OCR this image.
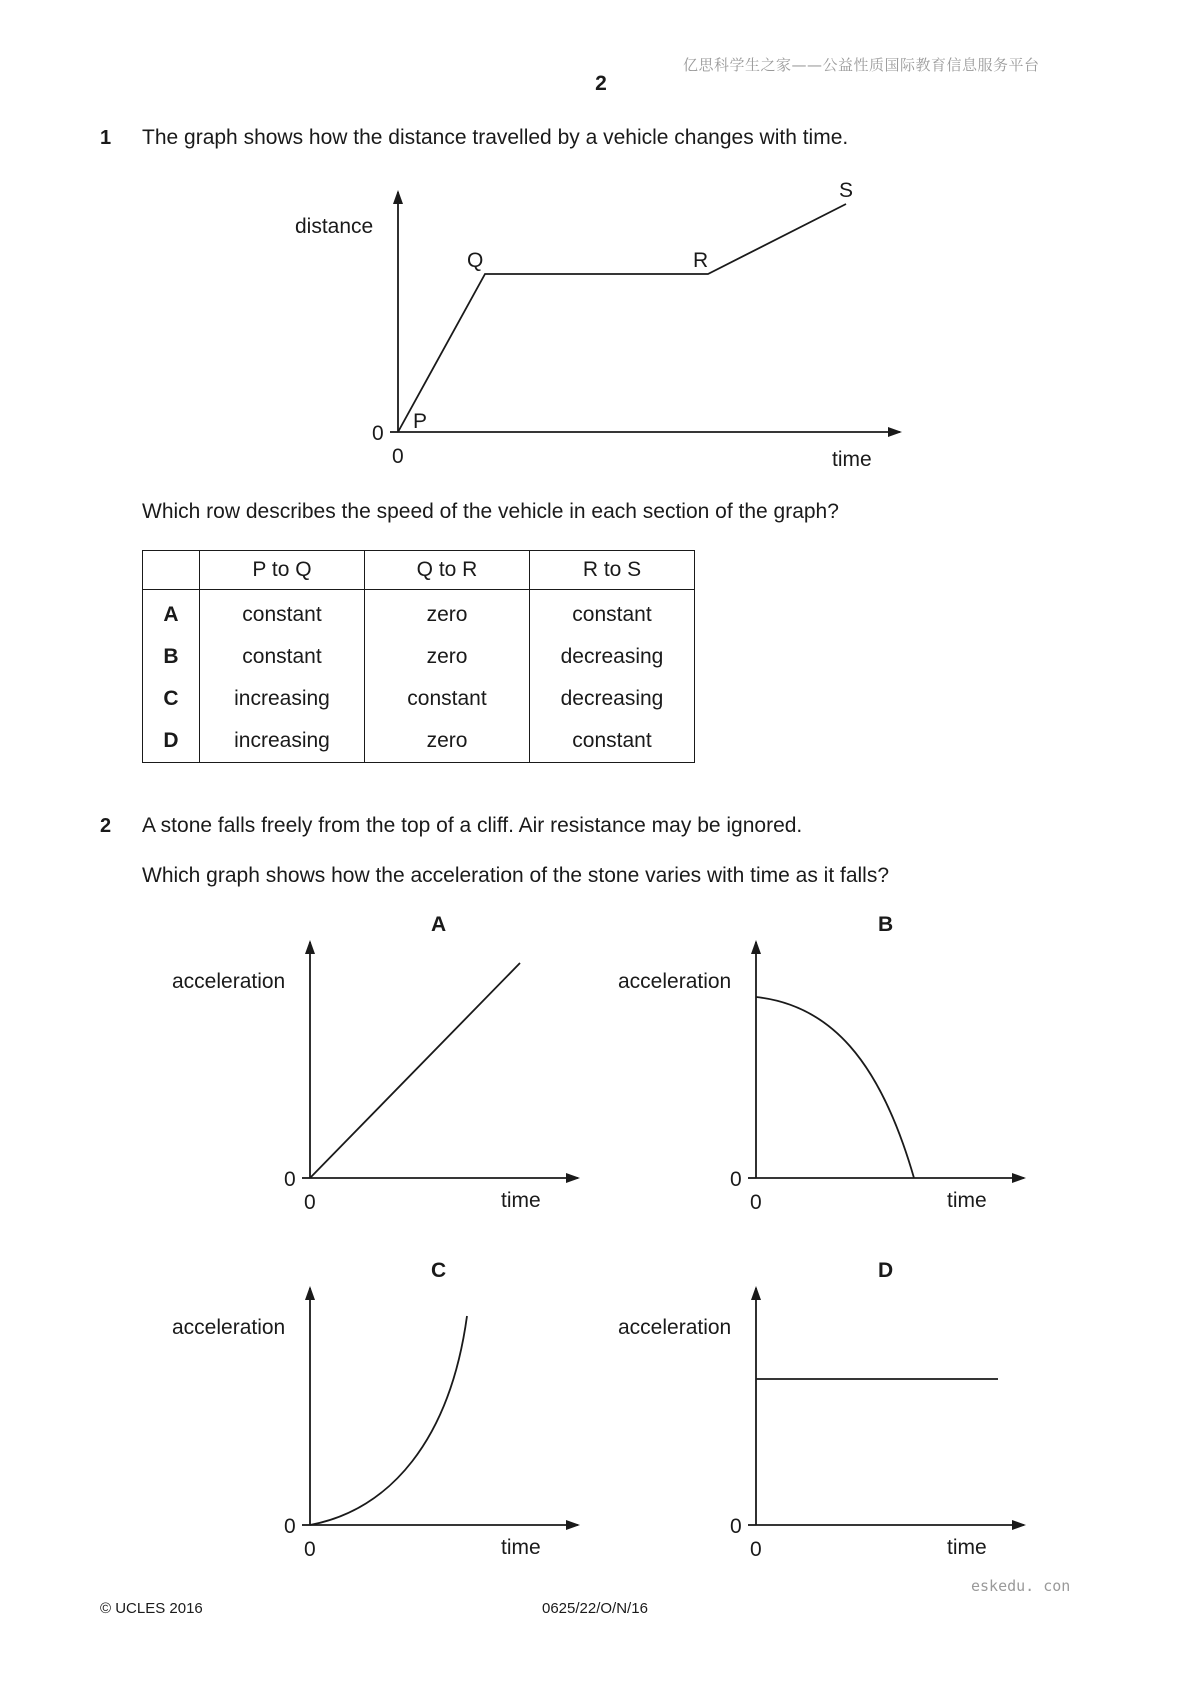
亿思科学生之家——公益性质国际教育信息服务平台
2
1 The graph shows how the distance travelled by a vehicle changes with time.
distance
time
0
0
P
Q	R
S
A
acceleration
time
0
0
B
acceleration
time
0
0
C
acceleration
time
0
0
D
acceleration
time
0
0
Which row describes the speed of the vehicle in each section of the graph?
	P to Q	Q to R	R to S
A	constant	zero	constant
B	constant	zero	decreasing
C	increasing	constant	decreasing
D	increasing	zero	constant
2 A stone falls freely from the top of a cliff. Air resistance may be ignored.
Which graph shows how the acceleration of the stone varies with time as it falls?
eskedu. con
© UCLES 2016	0625/22/O/N/16
